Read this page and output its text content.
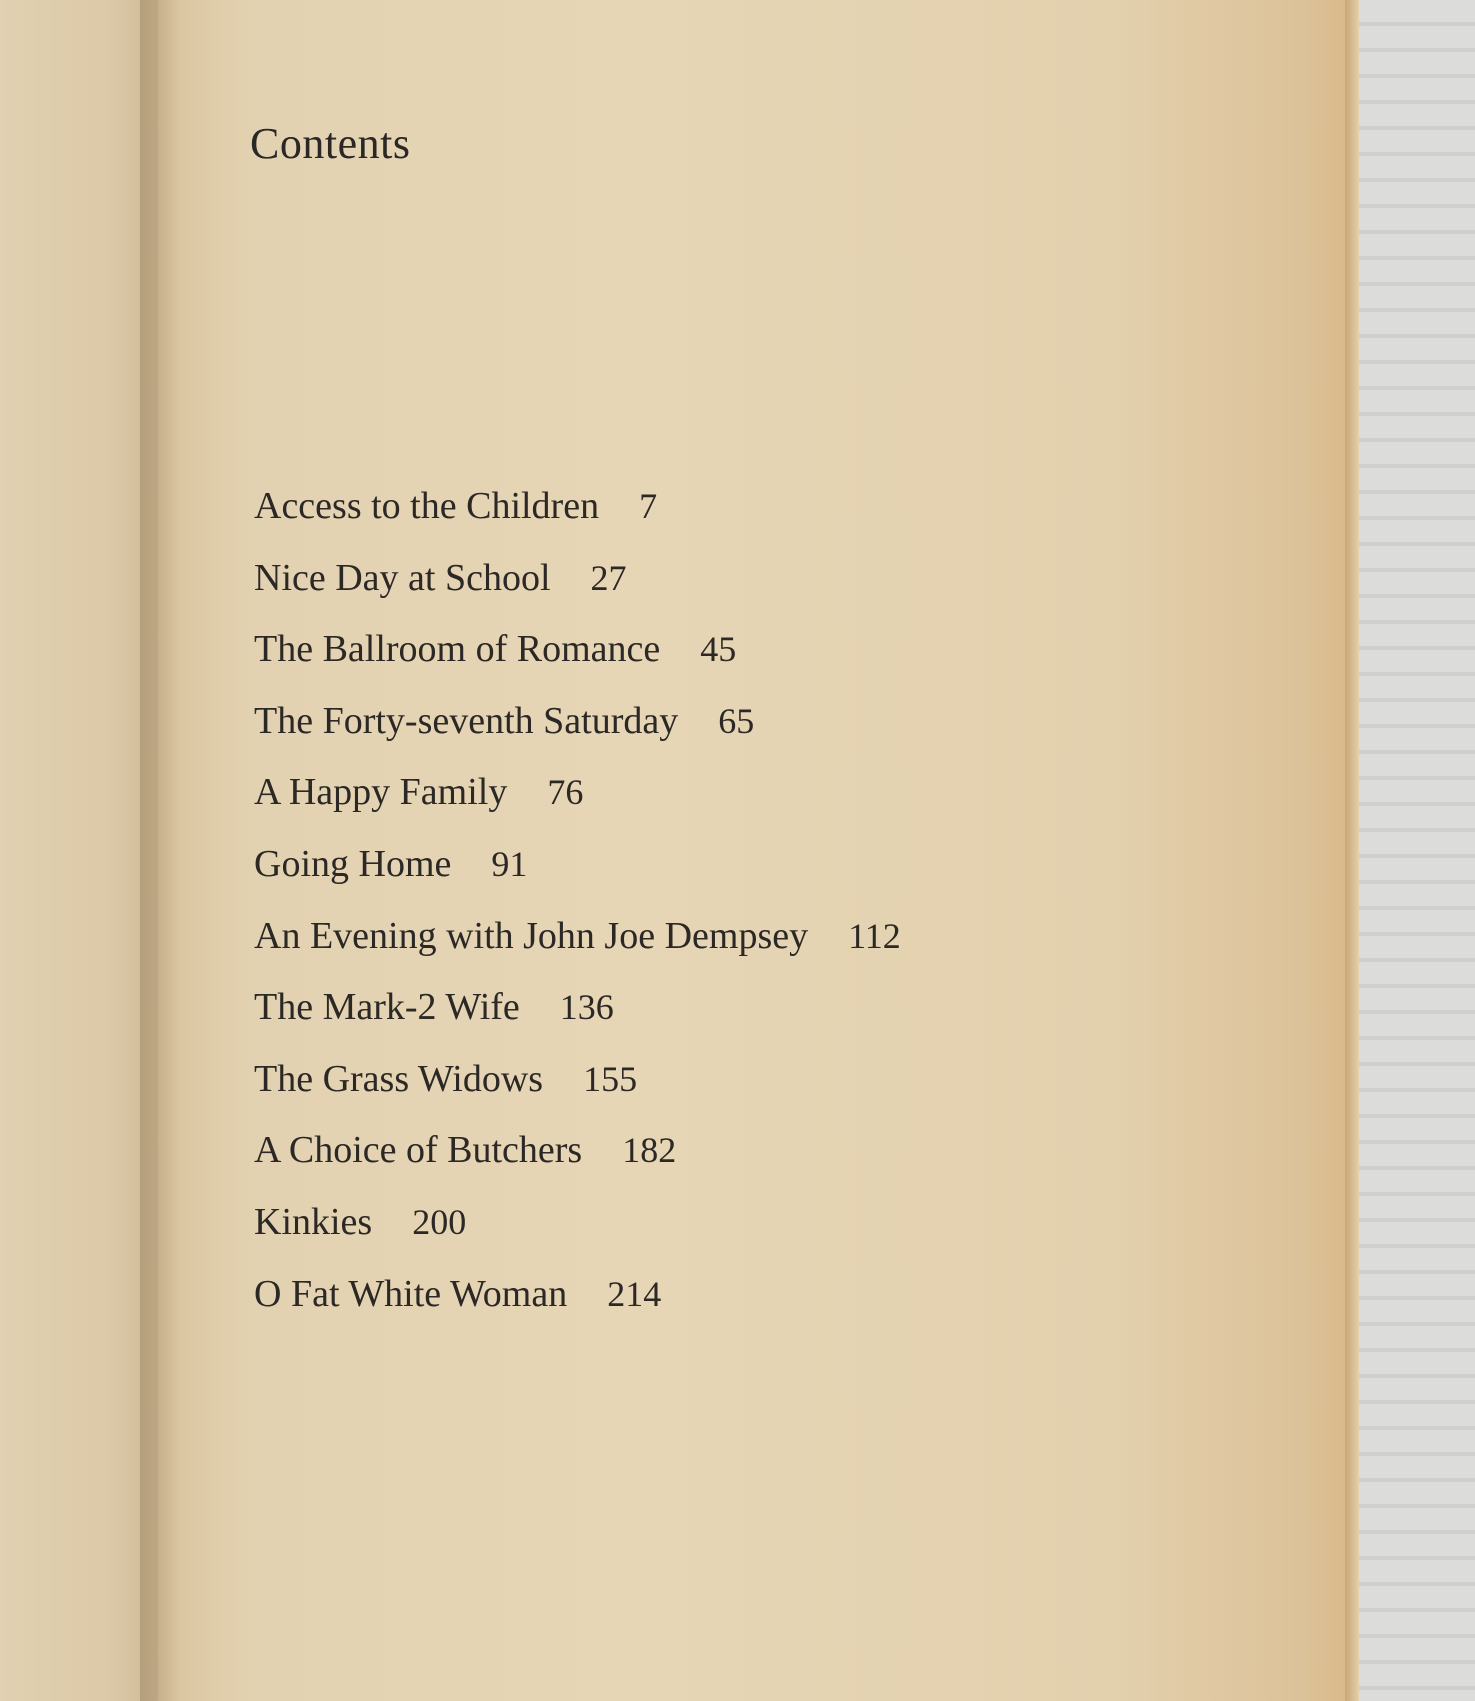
Contents
Access to the Children 7
Nice Day at School 27
The Ballroom of Romance 45
The Forty-seventh Saturday 65
A Happy Family 76
Going Home 91
An Evening with John Joe Dempsey 112
The Mark-2 Wife 136
The Grass Widows 155
A Choice of Butchers 182
Kinkies 200
O Fat White Woman 214
